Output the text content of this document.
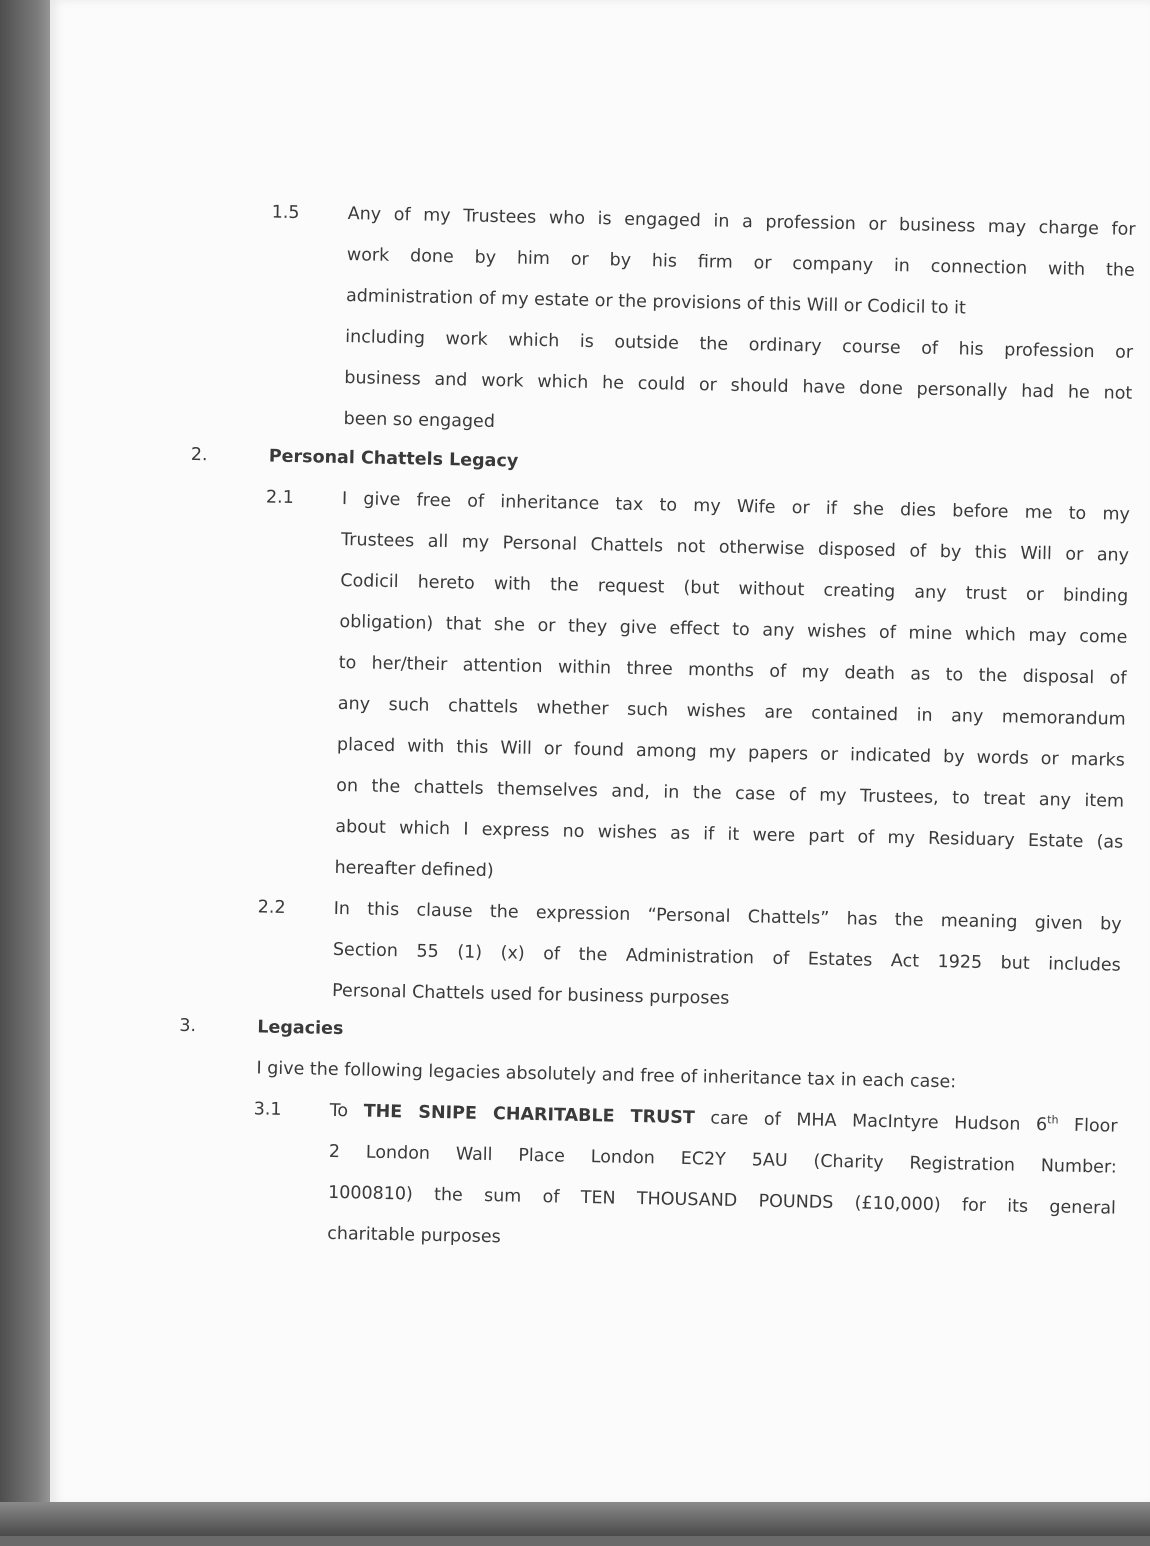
1.5	Any of my Trustees who is engaged in a profession or business may charge for
work done by him or by his firm or company in connection with the
administration of my estate or the provisions of this Will or Codicil to it
including work which is outside the ordinary course of his profession or
business and work which he could or should have done personally had he not
been so engaged
2.	Personal Chattels Legacy
2.1	I give free of inheritance tax to my Wife or if she dies before me to my
Trustees all my Personal Chattels not otherwise disposed of by this Will or any
Codicil hereto with the request (but without creating any trust or binding
obligation) that she or they give effect to any wishes of mine which may come
to her/their attention within three months of my death as to the disposal of
any such chattels whether such wishes are contained in any memorandum
placed with this Will or found among my papers or indicated by words or marks
on the chattels themselves and, in the case of my Trustees, to treat any item
about which I express no wishes as if it were part of my Residuary Estate (as
hereafter defined)
2.2	In this clause the expression “Personal Chattels” has the meaning given by
Section 55 (1) (x) of the Administration of Estates Act 1925 but includes
Personal Chattels used for business purposes
3.	Legacies
I give the following legacies absolutely and free of inheritance tax in each case:
3.1	To THE SNIPE CHARITABLE TRUST care of MHA MacIntyre Hudson 6th Floor
2 London Wall Place London EC2Y 5AU (Charity Registration Number:
1000810) the sum of TEN THOUSAND POUNDS (£10,000) for its general
charitable purposes
